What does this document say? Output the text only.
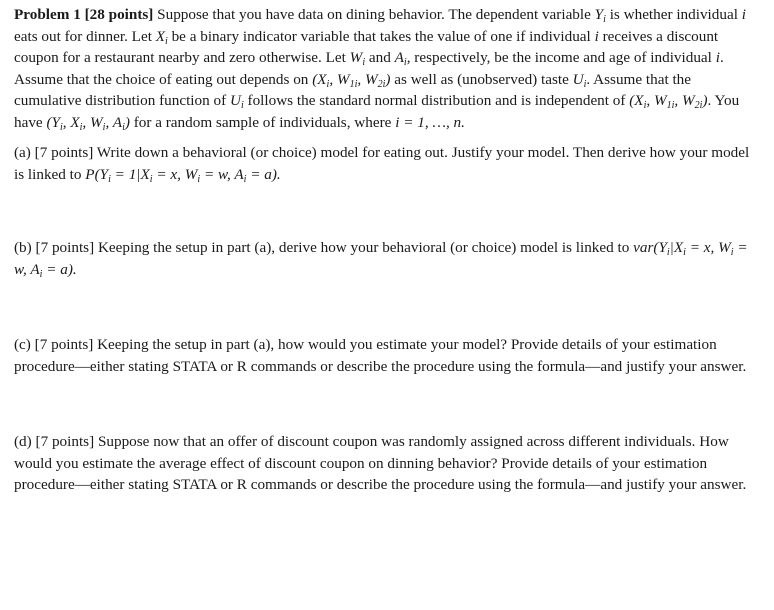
Problem 1 [28 points] Suppose that you have data on dining behavior. The dependent variable $Y_i$ is whether individual i eats out for dinner. Let $X_i$ be a binary indicator variable that takes the value of one if individual i receives a discount coupon for a restaurant nearby and zero otherwise. Let $W_i$ and $A_i$, respectively, be the income and age of individual i. Assume that the choice of eating out depends on ($X_i$, $W_{1i}$, $W_{2i}$) as well as (unobserved) taste $U_i$. Assume that the cumulative distribution function of $U_i$ follows the standard normal distribution and is independent of ($X_i$, $W_{1i}$, $W_{2i}$). You have ($Y_i$, $X_i$, $W_i$, $A_i$) for a random sample of individuals, where i = 1, …, n.

(a) [7 points] Write down a behavioral (or choice) model for eating out. Justify your model. Then derive how your model is linked to $P(Y_i = 1|X_i = x$, $W_i = w$, $A_i = a$).

(b) [7 points] Keeping the setup in part (a), derive how your behavioral (or choice) model is linked to $var(Y_i|X_i = x$, $W_i = w$, $A_i = a$).

(c) [7 points] Keeping the setup in part (a), how would you estimate your model? Provide details of your estimation procedure—either stating STATA or R commands or describe the procedure using the formula—and justify your answer.

(d) [7 points] Suppose now that an offer of discount coupon was randomly assigned across different individuals. How would you estimate the average effect of discount coupon on dinning behavior? Provide details of your estimation procedure—either stating STATA or R commands or describe the procedure using the formula—and justify your answer.
